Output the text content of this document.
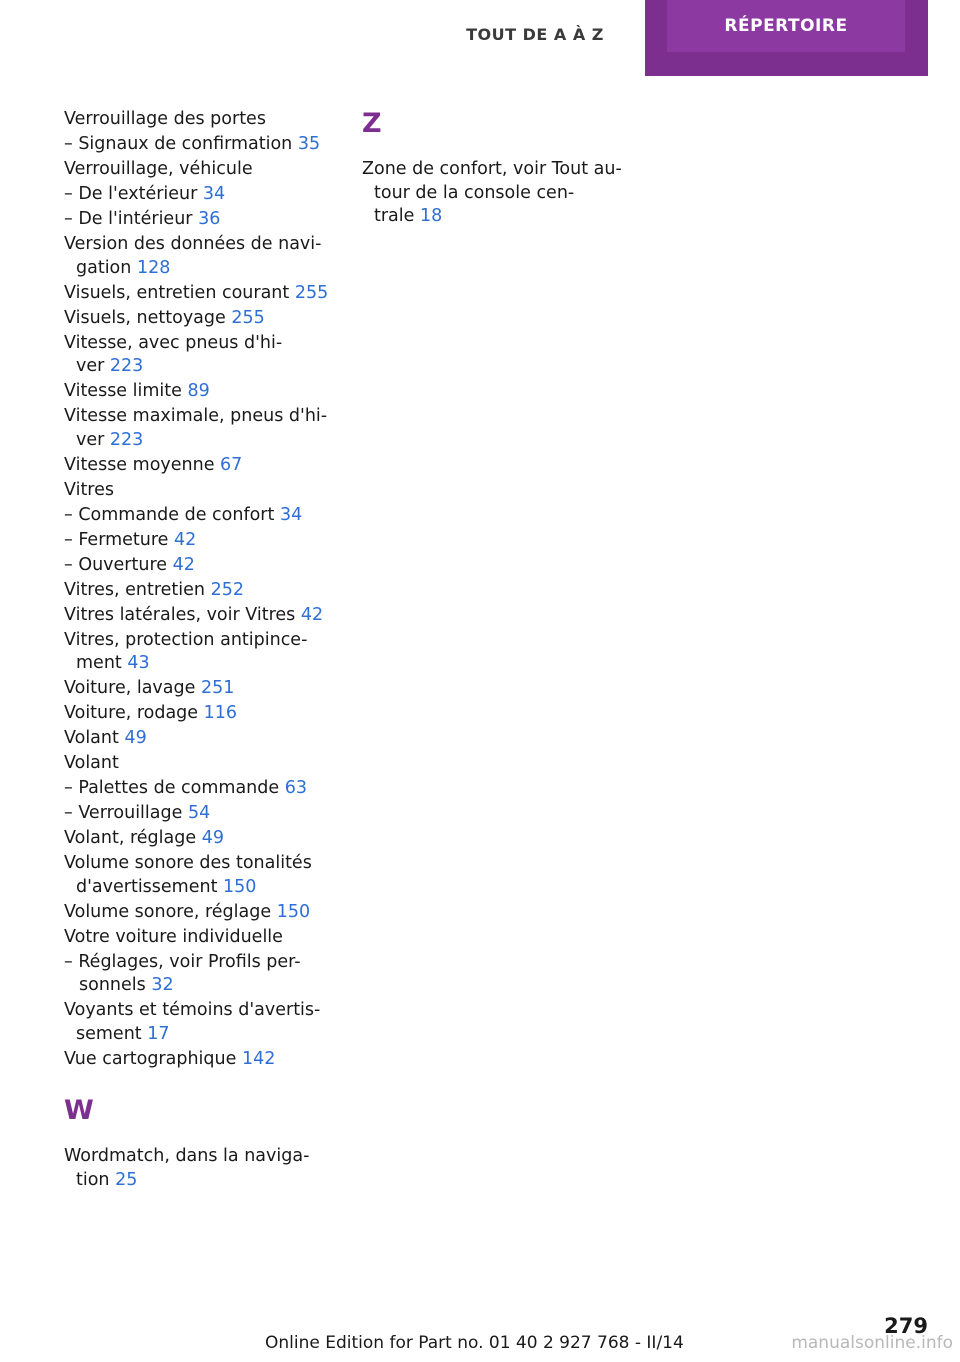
TOUT DE A À Z	RÉPERTOIRE
Verrouillage des portes
– Signaux de confirmation 35
Verrouillage, véhicule
– De l'extérieur 34
– De l'intérieur 36
Version des données de navi-
gation 128
Visuels, entretien courant 255
Visuels, nettoyage 255
Vitesse, avec pneus d'hi-
ver 223
Vitesse limite 89
Vitesse maximale, pneus d'hi-
ver 223
Vitesse moyenne 67
Vitres
– Commande de confort 34
– Fermeture 42
– Ouverture 42
Vitres, entretien 252
Vitres latérales, voir Vitres 42
Vitres, protection antipince-
ment 43
Voiture, lavage 251
Voiture, rodage 116
Volant 49
Volant
– Palettes de commande 63
– Verrouillage 54
Volant, réglage 49
Volume sonore des tonalités
d'avertissement 150
Volume sonore, réglage 150
Votre voiture individuelle
– Réglages, voir Profils per-
sonnels 32
Voyants et témoins d'avertis-
sement 17
Vue cartographique 142
W
Wordmatch, dans la naviga-
tion 25
Z
Zone de confort, voir Tout au-
tour de la console cen-
trale 18
279
Online Edition for Part no. 01 40 2 927 768 - II/14	manualsonline.info
